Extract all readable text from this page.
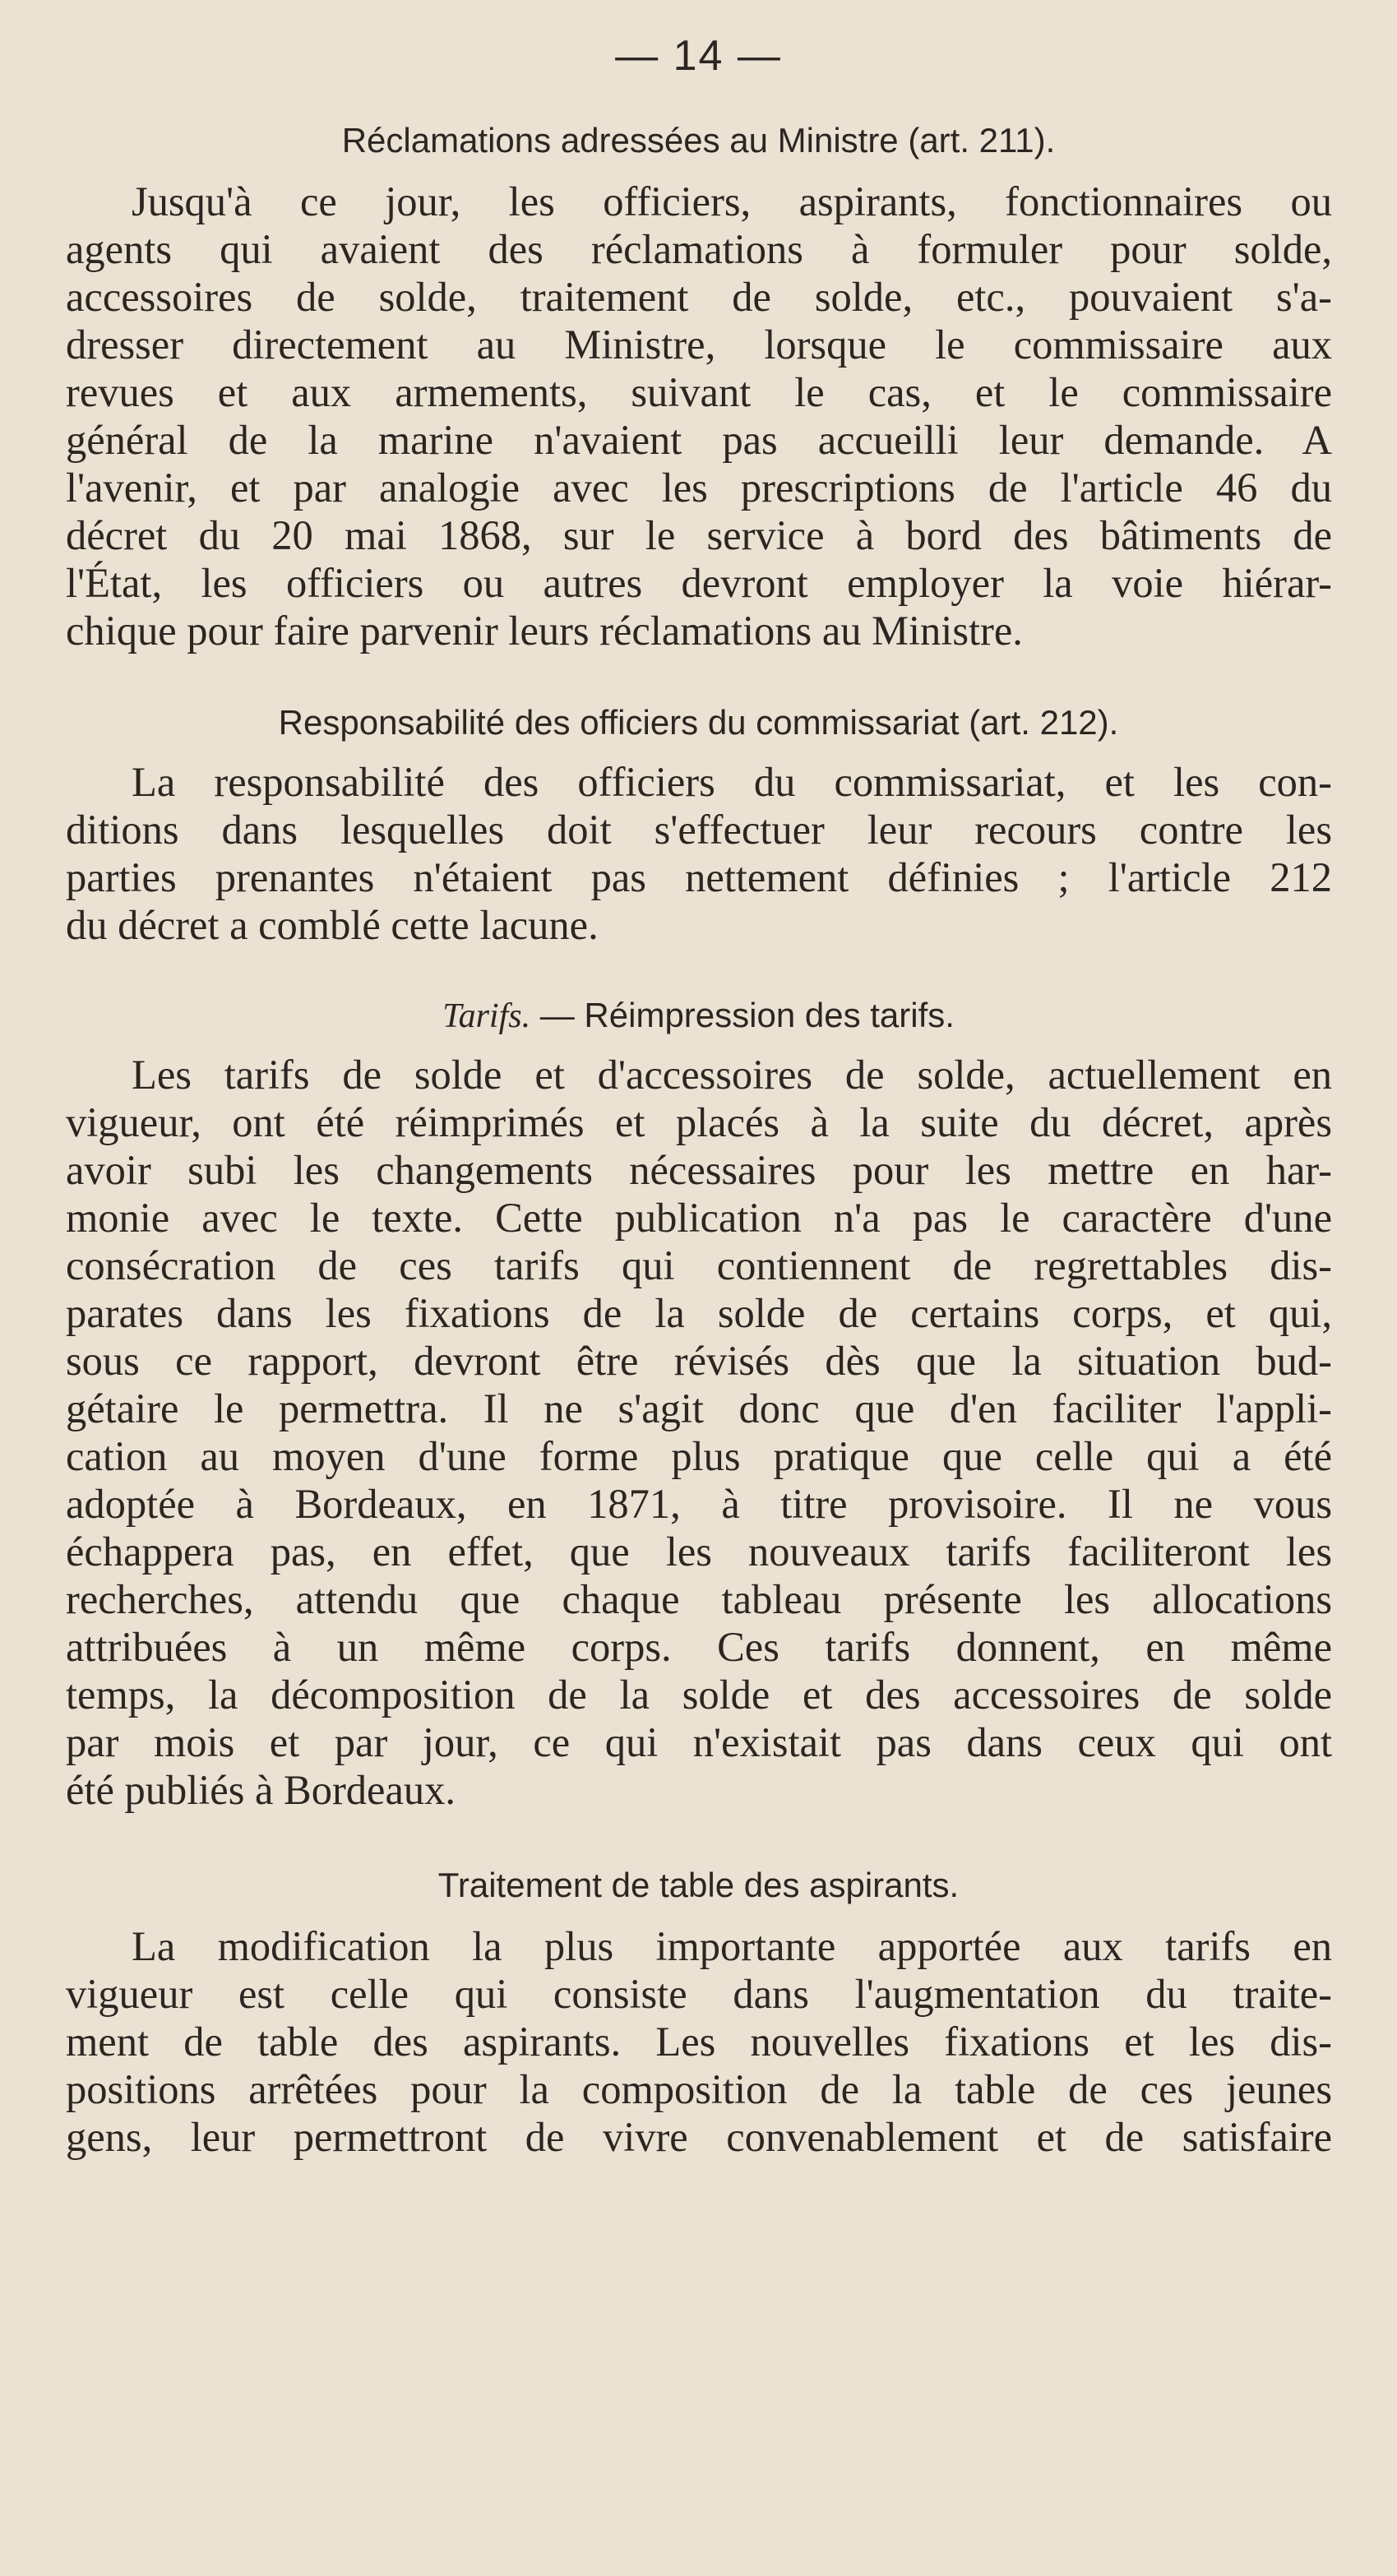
— 14 —
Réclamations adressées au Ministre (art. 211).
Jusqu'à ce jour, les officiers, aspirants, fonctionnaires ou
agents qui avaient des réclamations à formuler pour solde,
accessoires de solde, traitement de solde, etc., pouvaient s'a-
dresser directement au Ministre, lorsque le commissaire aux
revues et aux armements, suivant le cas, et le commissaire
général de la marine n'avaient pas accueilli leur demande. A
l'avenir, et par analogie avec les prescriptions de l'article 46 du
décret du 20 mai 1868, sur le service à bord des bâtiments de
l'État, les officiers ou autres devront employer la voie hiérar-
chique pour faire parvenir leurs réclamations au Ministre.
Responsabilité des officiers du commissariat (art. 212).
La responsabilité des officiers du commissariat, et les con-
ditions dans lesquelles doit s'effectuer leur recours contre les
parties prenantes n'étaient pas nettement définies ; l'article 212
du décret a comblé cette lacune.
Tarifs. — Réimpression des tarifs.
Les tarifs de solde et d'accessoires de solde, actuellement en
vigueur, ont été réimprimés et placés à la suite du décret, après
avoir subi les changements nécessaires pour les mettre en har-
monie avec le texte. Cette publication n'a pas le caractère d'une
consécration de ces tarifs qui contiennent de regrettables dis-
parates dans les fixations de la solde de certains corps, et qui,
sous ce rapport, devront être révisés dès que la situation bud-
gétaire le permettra. Il ne s'agit donc que d'en faciliter l'appli-
cation au moyen d'une forme plus pratique que celle qui a été
adoptée à Bordeaux, en 1871, à titre provisoire. Il ne vous
échappera pas, en effet, que les nouveaux tarifs faciliteront les
recherches, attendu que chaque tableau présente les allocations
attribuées à un même corps. Ces tarifs donnent, en même
temps, la décomposition de la solde et des accessoires de solde
par mois et par jour, ce qui n'existait pas dans ceux qui ont
été publiés à Bordeaux.
Traitement de table des aspirants.
La modification la plus importante apportée aux tarifs en
vigueur est celle qui consiste dans l'augmentation du traite-
ment de table des aspirants. Les nouvelles fixations et les dis-
positions arrêtées pour la composition de la table de ces jeunes
gens, leur permettront de vivre convenablement et de satisfaire
